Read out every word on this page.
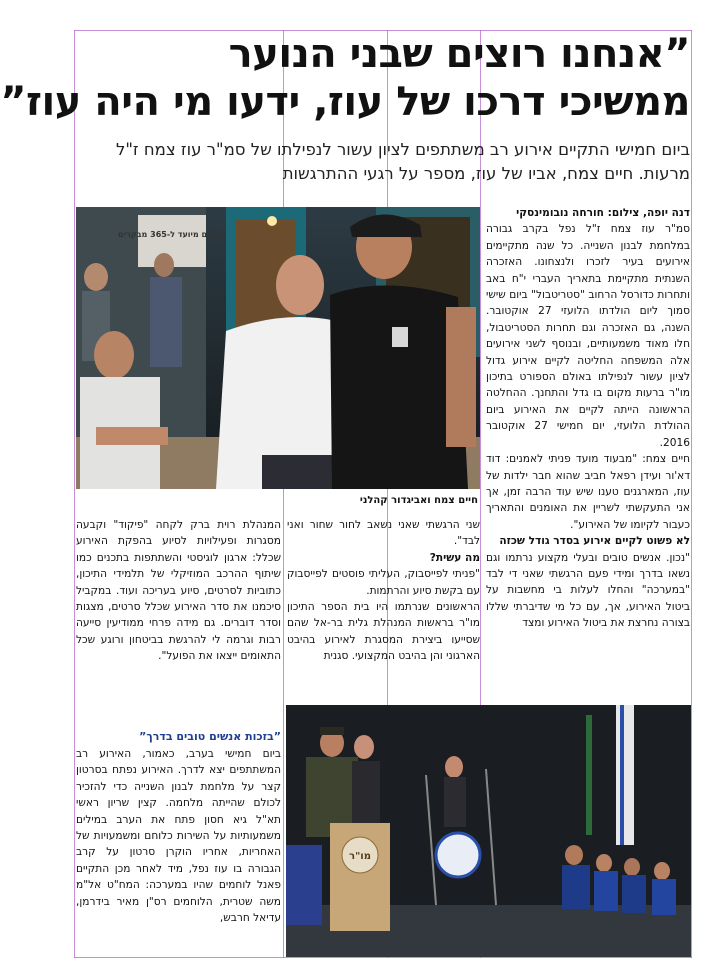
”אנחנו רוצים שבני הנוער
ממשיכי דרכו של עוז, ידעו מי היה עוז”
ביום חמישי התקיים אירוע רב משתתפים לציון עשור לנפילתו של סמ"ר עוז צמח ז"ל מרעות. חיים צמח, אביו של עוז, מספר על רגעי ההתרגשות

דנה יופה, צילום: חורחה נובומינסקי

סמ"ר עוז צמח ז"ל נפל בקרב גבורה במלחמת לבנון השנייה. כל שנה מתקיימים אירועים בעיר לזכרו ולנצחונו. האזכרה השנתית מתקיימת בתאריך העברי י"ח באב ותחרות כדורסל הרחוב "סטריטבול" ביום שישי סמוך ליום הולדתו הלועזי 27 אוקטובר. השנה, גם האזכרה וגם תחרות הסטריטבול, חלו מאוד משמעותיים, ובנוסף לשני אירועים אלה המשפחה החליטה לקיים אירוע גדול לציון עשור לנפילתו באולם הספורט בתיכון מו"ר ברעות מקום בו גדל והתחנך. ההחלטה הראשונה הייתה לקיים את האירוע ביום ההולדת הלועזי, יום חמישי 27 אוקטובר 2016.

חיים צמח: "מבעוד מועד פניתי לאמנים: דוד דא'ור ועידן רפאל חביב שהוא חבר ילדות של עוז, המארגנים טענו שיש עוד הרבה זמן, אך אני התעקשתי לשריין את האומנים והתאריך כעבור לקיומו של האירוע".

לא פשוט לקיים אירוע בסדר גודל שכזה

"נכון. אנשים טובים ובעלי מקצוע נרתמו וגם נשאו בדרך ומידי פעם הרגשתי שאני די לבד "במערכה" והחלו לעלות בי מחשבות על ביטול האירוע, אך, עם כל מי שדיברתי שללו בצורה נחרצת את ביטול האירוע ומצד

האולם מיועד ל-365 מבקרים
חיים צמח ואביגדור קהלני

שני הרגשתי שאני נשאב לחור שחור ואני לבד".

מה עשית?

"פניתי לפייסבוק, העליתי פוסטים לפייסבוק עם בקשת סיוע והרתמות.

הראשונים שנרתמו היו בית הספר התיכון מו"ר בראשות המנהלת גלית בר-אל שהם שסייעו ביצירת המסגרת לאירוע בהיבט הארגוני והן בהיבט המקצועי. סגנית

המנהלת רוית ברק לקחה "פיקוד" וקבעה מסגרות ופעילויות לסיוע בהפקת האירוע שכלל: ארגון לוגיסטי והשתתפות בתכנים כמו שיתוף ההרכב המוזיקלי של תלמידי התיכון, כתוביות לסרטים, סיוע בעריכה ועוד. במקביל סיכמנו את סדר האירוע שכלל סרטים, מצגות וסדר דוברים. גם מידה פרחי ממודיעין סייעה רבות וגרמה לי להרגשת בביטחון ורוגע שכל התאומים ייצאו את הפועל".

”בזכות אנשים טובים בדרך”

ביום חמישי בערב, כאמור, האירוע רב המשתתפים יצא לדרך. האירוע נפתח בסרטון קצר על מלחמת לבנון השנייה כדי להזכיר לכולם שהייתה מלחמה. קצין שריון ראשי תא"ל גיא חסון פתח את הערב במילים משמעותיות על השירות כלוחם ומשמעויות של האחריות, אחריו הוקרן סרטון על קרב הגבורה בו עוז נפל, מיד לאחר מכן התקיים פאנל לוחמים שהיו במערכה: המח"ט אל"מ משה שטרית, הלוחמים רס"ן מאיר בידרמן, עדיאל חרבש,

מו"ר
